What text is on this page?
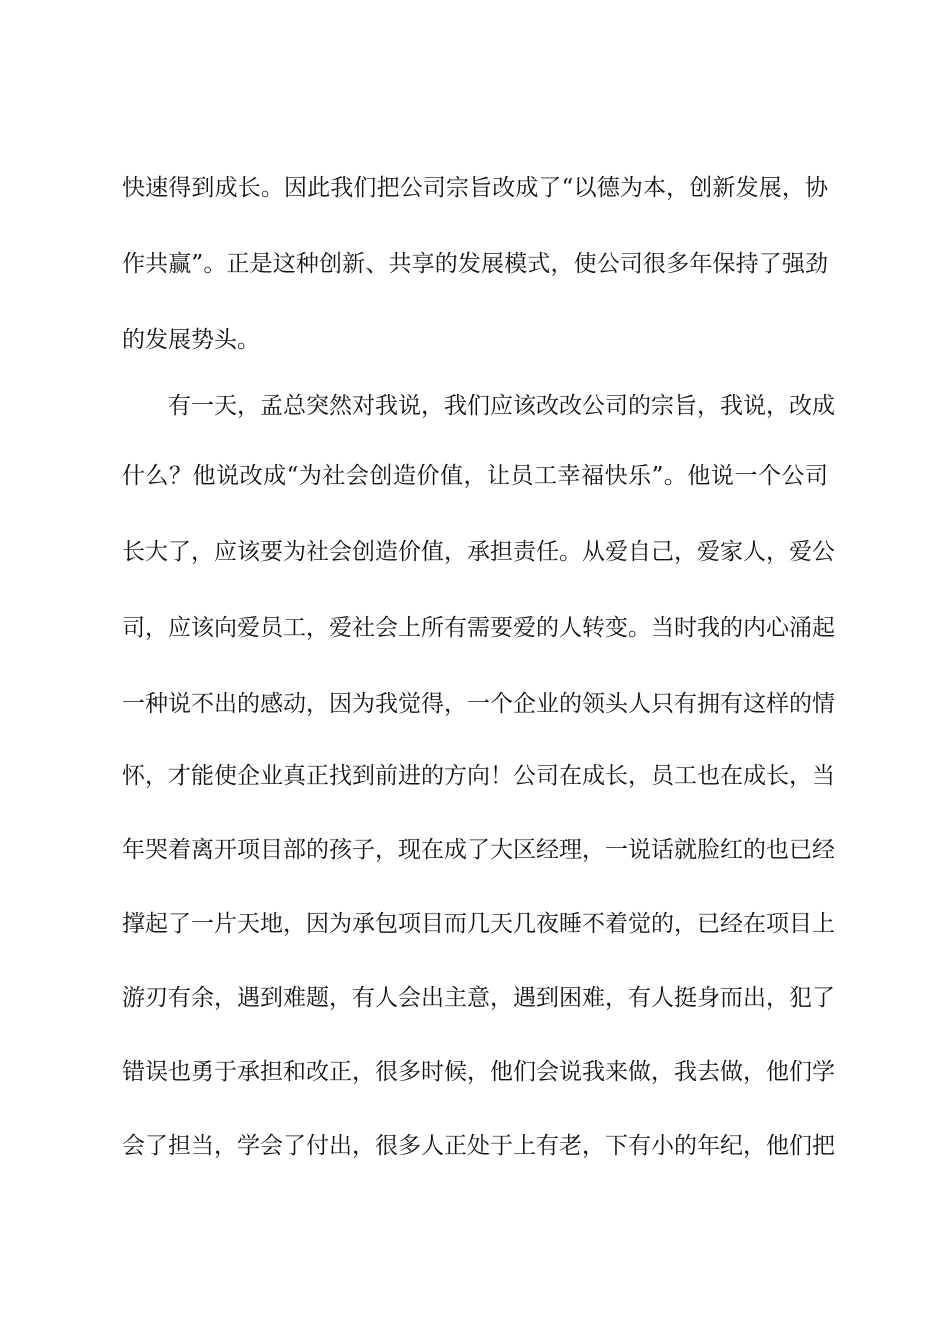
快速得到成长。因此我们把公司宗旨改成了“以德为本，创新发展，协
作共赢”。正是这种创新、共享的发展模式，使公司很多年保持了强劲
的发展势头。
有一天，孟总突然对我说，我们应该改改公司的宗旨，我说，改成
什么？他说改成“为社会创造价值，让员工幸福快乐”。他说一个公司
长大了，应该要为社会创造价值，承担责任。从爱自己，爱家人，爱公
司，应该向爱员工，爱社会上所有需要爱的人转变。当时我的内心涌起
一种说不出的感动，因为我觉得，一个企业的领头人只有拥有这样的情
怀，才能使企业真正找到前进的方向！公司在成长，员工也在成长，当
年哭着离开项目部的孩子，现在成了大区经理，一说话就脸红的也已经
撑起了一片天地，因为承包项目而几天几夜睡不着觉的，已经在项目上
游刃有余，遇到难题，有人会出主意，遇到困难，有人挺身而出，犯了
错误也勇于承担和改正，很多时候，他们会说我来做，我去做，他们学
会了担当，学会了付出，很多人正处于上有老，下有小的年纪，他们把
